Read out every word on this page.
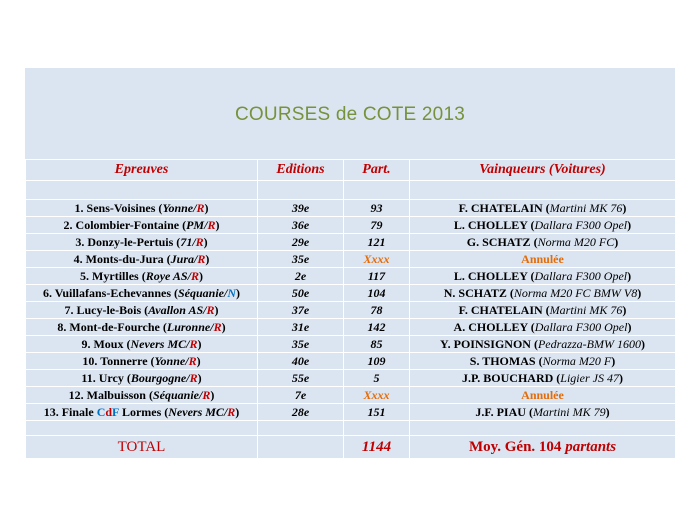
COURSES de COTE 2013
Epreuves	Editions	Part.	Vainqueurs (Voitures)

1. Sens-Voisines (Yonne/R)	39e	93	F. CHATELAIN (Martini MK 76)
2. Colombier-Fontaine (PM/R)	36e	79	L. CHOLLEY (Dallara F300 Opel)
3. Donzy-le-Pertuis (71/R)	29e	121	G. SCHATZ (Norma M20 FC)
4. Monts-du-Jura (Jura/R)	35e	Xxxx	Annulée
5. Myrtilles (Roye AS/R)	2e	117	L. CHOLLEY (Dallara F300 Opel)
6. Vuillafans-Echevannes (Séquanie/N)	50e	104	N. SCHATZ (Norma M20 FC BMW V8)
7. Lucy-le-Bois (Avallon AS/R)	37e	78	F. CHATELAIN (Martini MK 76)
8. Mont-de-Fourche (Luronne/R)	31e	142	A. CHOLLEY (Dallara F300 Opel)
9. Moux (Nevers MC/R)	35e	85	Y. POINSIGNON (Pedrazza-BMW 1600)
10. Tonnerre (Yonne/R)	40e	109	S. THOMAS (Norma M20 F)
11. Urcy (Bourgogne/R)	55e	5	J.P. BOUCHARD (Ligier JS 47)
12. Malbuisson (Séquanie/R)	7e	Xxxx	Annulée
13. Finale CdF Lormes (Nevers MC/R)	28e	151	J.F. PIAU (Martini MK 79)

TOTAL		1144	Moy. Gén. 104 partants
